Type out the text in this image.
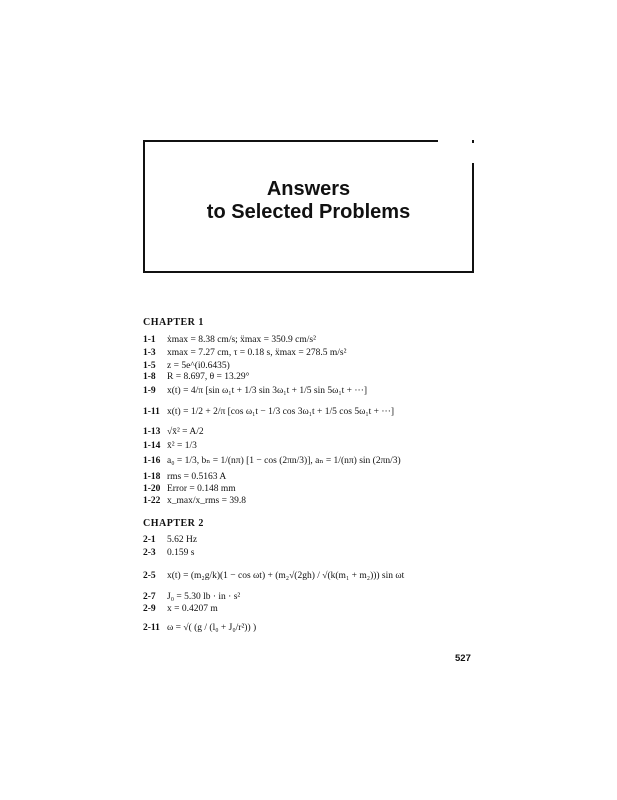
Answers
to Selected Problems
CHAPTER 1
1-1	ẋmax = 8.38 cm/s; ẍmax = 350.9 cm/s²
1-3	xmax = 7.27 cm, τ = 0.18 s, ẍmax = 278.5 m/s²
1-5	z = 5e^(i0.6435)
1-8	R = 8.697, θ = 13.29°
1-9	x(t) = 4/π [sin ω₁t + 1/3 sin 3ω₁t + 1/5 sin 5ω₁t + ···]
1-11 x(t) = 1/2 + 2/π [cos ω₁t − 1/3 cos 3ω₁t + 1/5 cos 5ω₁t + ···]
1-13 √x̄² = A/2
1-14 x̄² = 1/3
1-16 a₀ = 1/3, bₙ = 1/(nπ) [1 − cos (2πn/3)], aₙ = 1/(nπ) sin (2πn/3)
1-18 rms = 0.5163 A
1-20 Error = 0.148 mm
1-22 x_max/x_rms = 39.8
CHAPTER 2
2-1	5.62 Hz
2-3	0.159 s
2-5	x(t) = (m₂g/k)(1 − cos ωt) + (m₂√(2gh) / √(k(m₁ + m₂))) sin ωt
2-7	J₀ = 5.30 lb · in · s²
2-9	x = 0.4207 m
2-11 ω = √( (g / (l₀ + J₀/r²)) )
527
